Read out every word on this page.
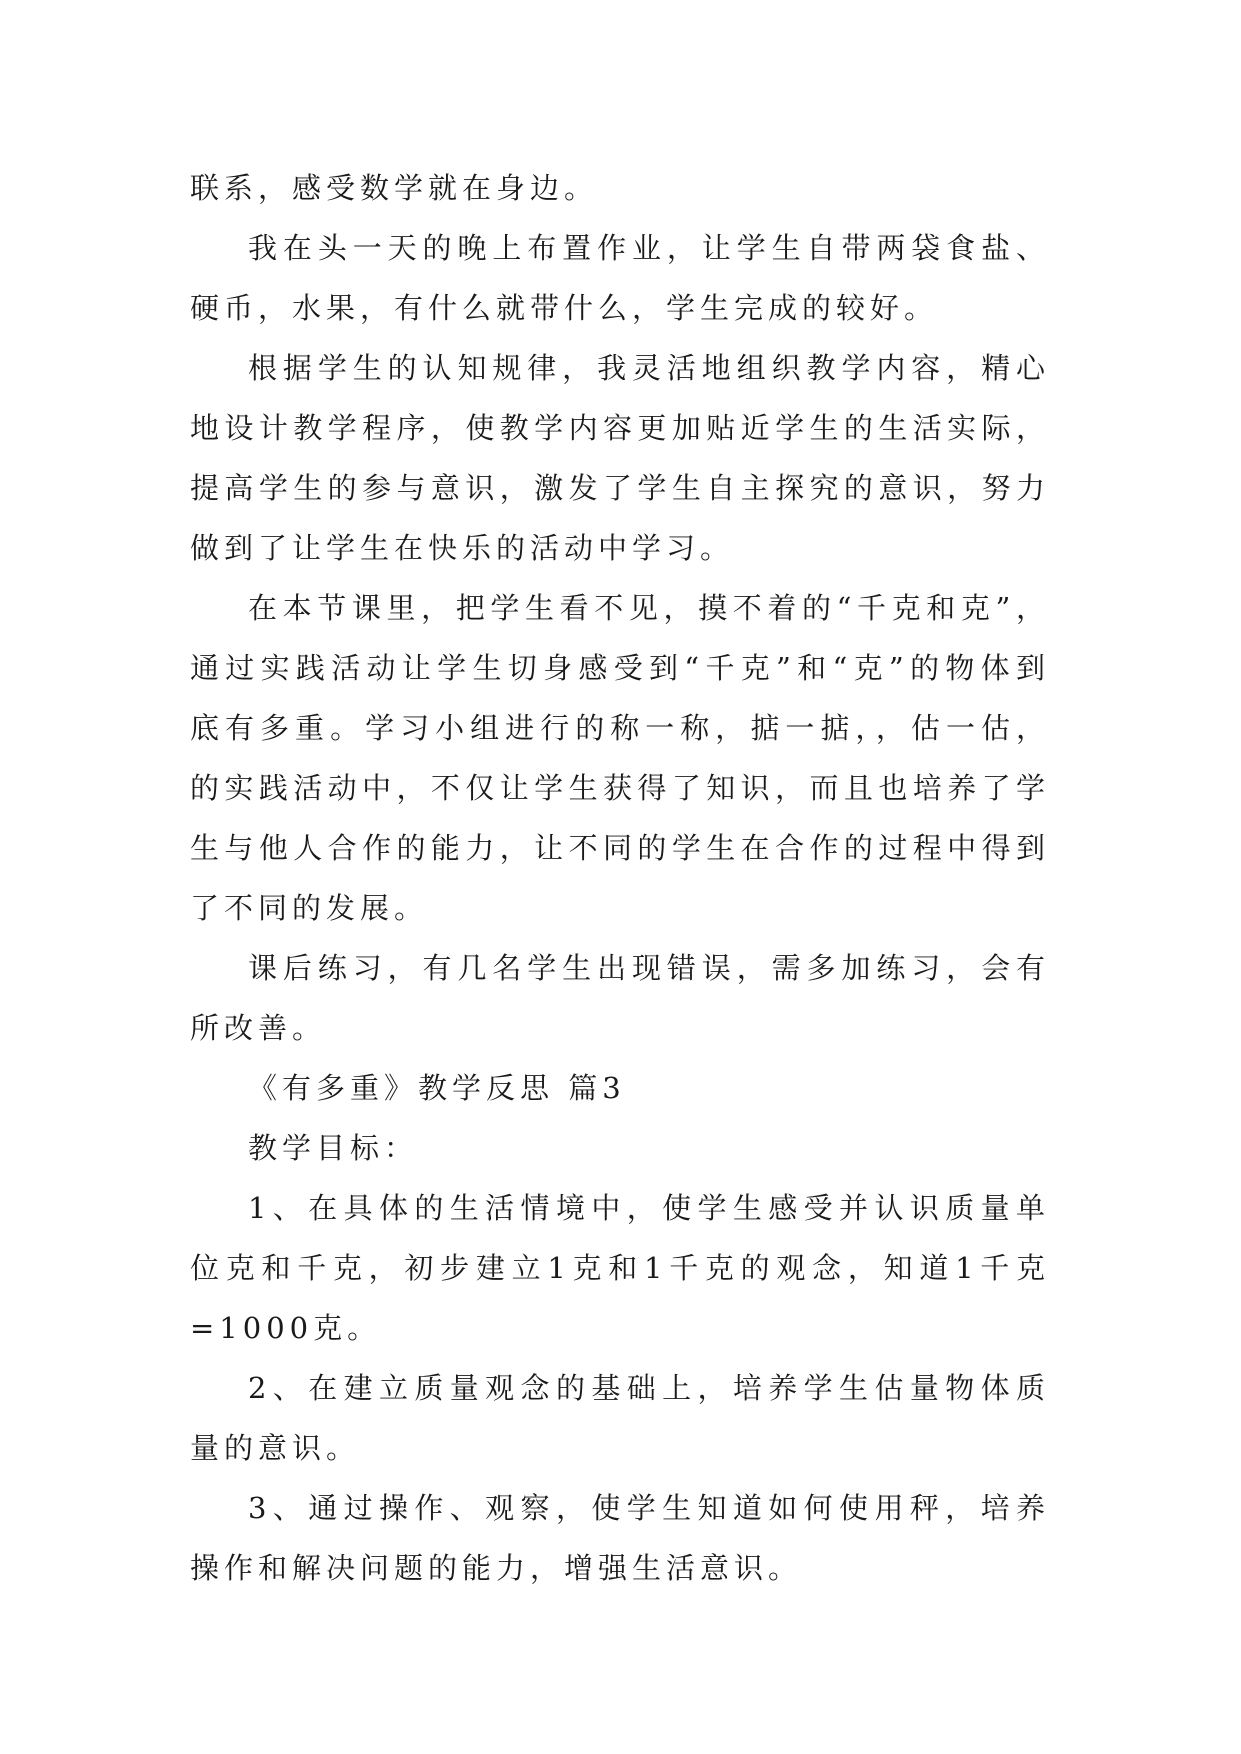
联系，感受数学就在身边。

我在头一天的晚上布置作业，让学生自带两袋食盐、硬币，水果，有什么就带什么，学生完成的较好。

根据学生的认知规律，我灵活地组织教学内容，精心地设计教学程序，使教学内容更加贴近学生的生活实际，提高学生的参与意识，激发了学生自主探究的意识，努力做到了让学生在快乐的活动中学习。

在本节课里，把学生看不见，摸不着的“千克和克”，通过实践活动让学生切身感受到“千克”和“克”的物体到底有多重。学习小组进行的称一称，掂一掂，，估一估，的实践活动中，不仅让学生获得了知识，而且也培养了学生与他人合作的能力，让不同的学生在合作的过程中得到了不同的发展。

课后练习，有几名学生出现错误，需多加练习，会有所改善。

《有多重》教学反思 篇3

教学目标：

1、在具体的生活情境中，使学生感受并认识质量单位克和千克，初步建立1克和1千克的观念，知道1千克=1000克。

2、在建立质量观念的基础上，培养学生估量物体质量的意识。

3、通过操作、观察，使学生知道如何使用秤，培养操作和解决问题的能力，增强生活意识。
